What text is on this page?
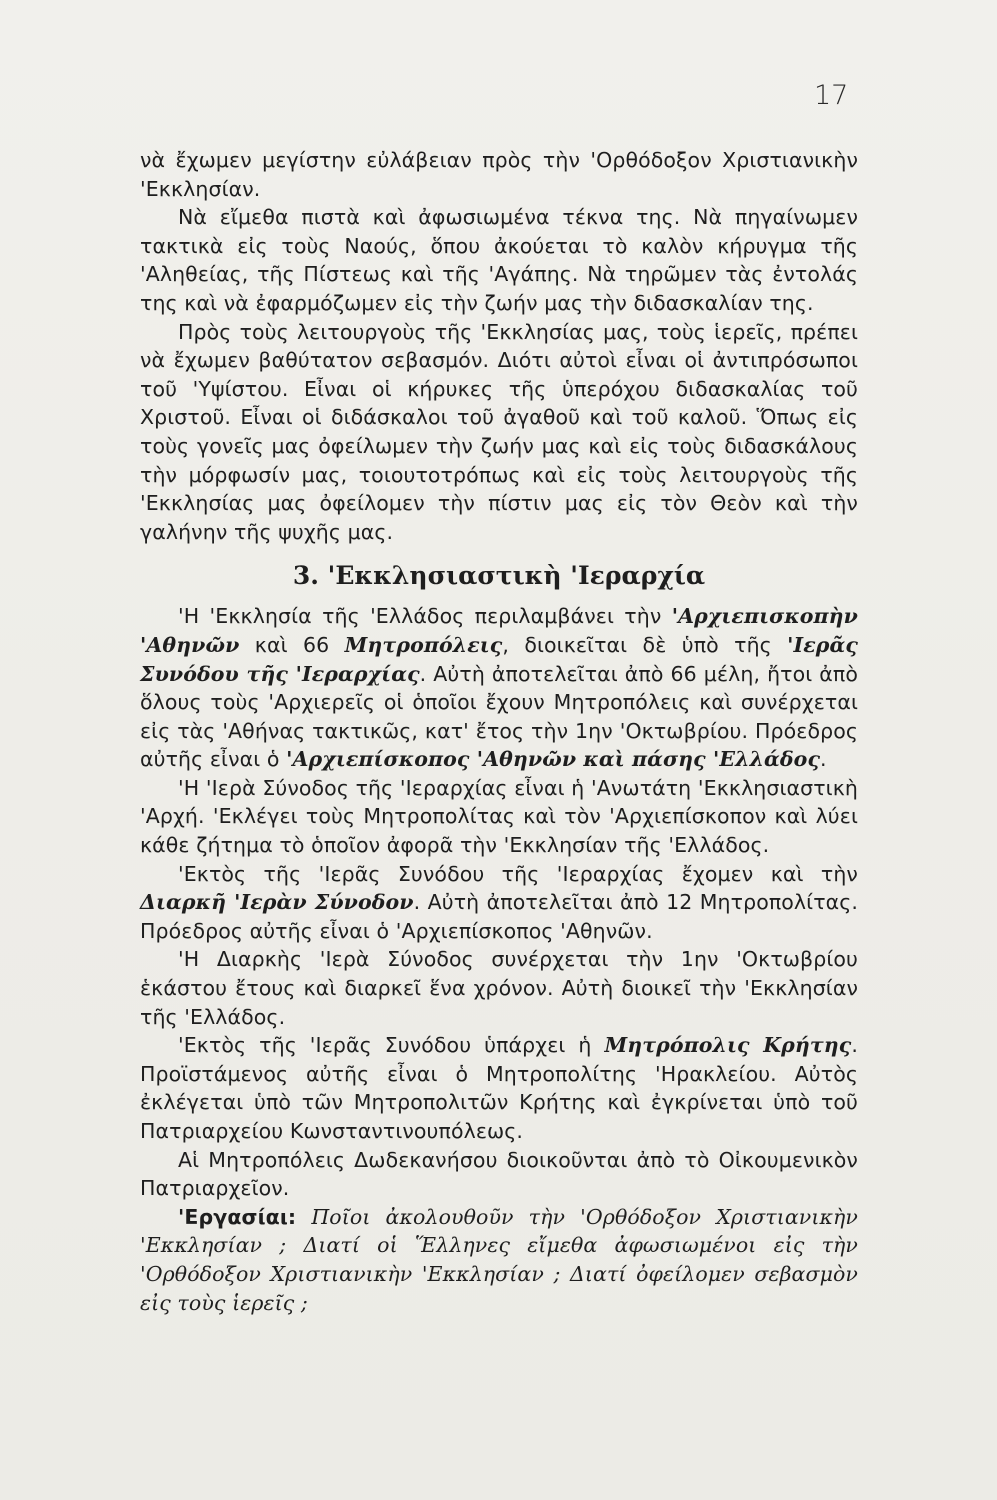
17

νὰ ἔχωμεν μεγίστην εὐλάβειαν πρὸς τὴν 'Ορθόδοξον Χριστιανικὴν 'Εκκλησίαν.

Νὰ εἴμεθα πιστὰ καὶ ἀφωσιωμένα τέκνα της. Νὰ πηγαίνωμεν τακτικὰ εἰς τοὺς Ναούς, ὅπου ἀκούεται τὸ καλὸν κήρυγμα τῆς 'Αληθείας, τῆς Πίστεως καὶ τῆς 'Αγάπης. Νὰ τηρῶμεν τὰς ἐντολάς της καὶ νὰ ἐφαρμόζωμεν εἰς τὴν ζωήν μας τὴν διδασκαλίαν της.

Πρὸς τοὺς λειτουργοὺς τῆς 'Εκκλησίας μας, τοὺς ἱερεῖς, πρέπει νὰ ἔχωμεν βαθύτατον σεβασμόν. Διότι αὐτοὶ εἶναι οἱ ἀντιπρόσωποι τοῦ 'Υψίστου. Εἶναι οἱ κήρυκες τῆς ὑπερόχου διδασκαλίας τοῦ Χριστοῦ. Εἶναι οἱ διδάσκαλοι τοῦ ἀγαθοῦ καὶ τοῦ καλοῦ. Ὅπως εἰς τοὺς γονεῖς μας ὀφείλωμεν τὴν ζωήν μας καὶ εἰς τοὺς διδασκάλους τὴν μόρφωσίν μας, τοιουτοτρόπως καὶ εἰς τοὺς λειτουργοὺς τῆς 'Εκκλησίας μας ὀφείλομεν τὴν πίστιν μας εἰς τὸν Θεὸν καὶ τὴν γαλήνην τῆς ψυχῆς μας.

3. 'Εκκλησιαστικὴ 'Ιεραρχία

'Η 'Εκκλησία τῆς 'Ελλάδος περιλαμβάνει τὴν 'Αρχιεπισκοπὴν 'Αθηνῶν καὶ 66 Μητροπόλεις, διοικεῖται δὲ ὑπὸ τῆς 'Ιερᾶς Συνόδου τῆς 'Ιεραρχίας. Αὐτὴ ἀποτελεῖται ἀπὸ 66 μέλη, ἤτοι ἀπὸ ὅλους τοὺς 'Αρχιερεῖς οἱ ὁποῖοι ἔχουν Μητροπόλεις καὶ συνέρχεται εἰς τὰς 'Αθήνας τακτικῶς, κατ' ἔτος τὴν 1ην 'Οκτωβρίου. Πρόεδρος αὐτῆς εἶναι ὁ 'Αρχιεπίσκοπος 'Αθηνῶν καὶ πάσης 'Ελλάδος.

'Η 'Ιερὰ Σύνοδος τῆς 'Ιεραρχίας εἶναι ἡ 'Ανωτάτη 'Εκκλησιαστικὴ 'Αρχή. 'Εκλέγει τοὺς Μητροπολίτας καὶ τὸν 'Αρχιεπίσκοπον καὶ λύει κάθε ζήτημα τὸ ὁποῖον ἀφορᾶ τὴν 'Εκκλησίαν τῆς 'Ελλάδος.

'Εκτὸς τῆς 'Ιερᾶς Συνόδου τῆς 'Ιεραρχίας ἔχομεν καὶ τὴν Διαρκῆ 'Ιερὰν Σύνοδον. Αὐτὴ ἀποτελεῖται ἀπὸ 12 Μητροπολίτας. Πρόεδρος αὐτῆς εἶναι ὁ 'Αρχιεπίσκοπος 'Αθηνῶν.

'Η Διαρκὴς 'Ιερὰ Σύνοδος συνέρχεται τὴν 1ην 'Οκτωβρίου ἑκάστου ἔτους καὶ διαρκεῖ ἕνα χρόνον. Αὐτὴ διοικεῖ τὴν 'Εκκλησίαν τῆς 'Ελλάδος.

'Εκτὸς τῆς 'Ιερᾶς Συνόδου ὑπάρχει ἡ Μητρόπολις Κρήτης. Προϊστάμενος αὐτῆς εἶναι ὁ Μητροπολίτης 'Ηρακλείου. Αὐτὸς ἐκλέγεται ὑπὸ τῶν Μητροπολιτῶν Κρήτης καὶ ἐγκρίνεται ὑπὸ τοῦ Πατριαρχείου Κωνσταντινουπόλεως.

Αἱ Μητροπόλεις Δωδεκανήσου διοικοῦνται ἀπὸ τὸ Οἰκουμενικὸν Πατριαρχεῖον.

'Εργασίαι: Ποῖοι ἀκολουθοῦν τὴν 'Ορθόδοξον Χριστιανικὴν 'Εκκλησίαν ; Διατί οἱ Ἕλληνες εἴμεθα ἀφωσιωμένοι εἰς τὴν 'Ορθόδοξον Χριστιανικὴν 'Εκκλησίαν ; Διατί ὀφείλομεν σεβασμὸν εἰς τοὺς ἱερεῖς ;
